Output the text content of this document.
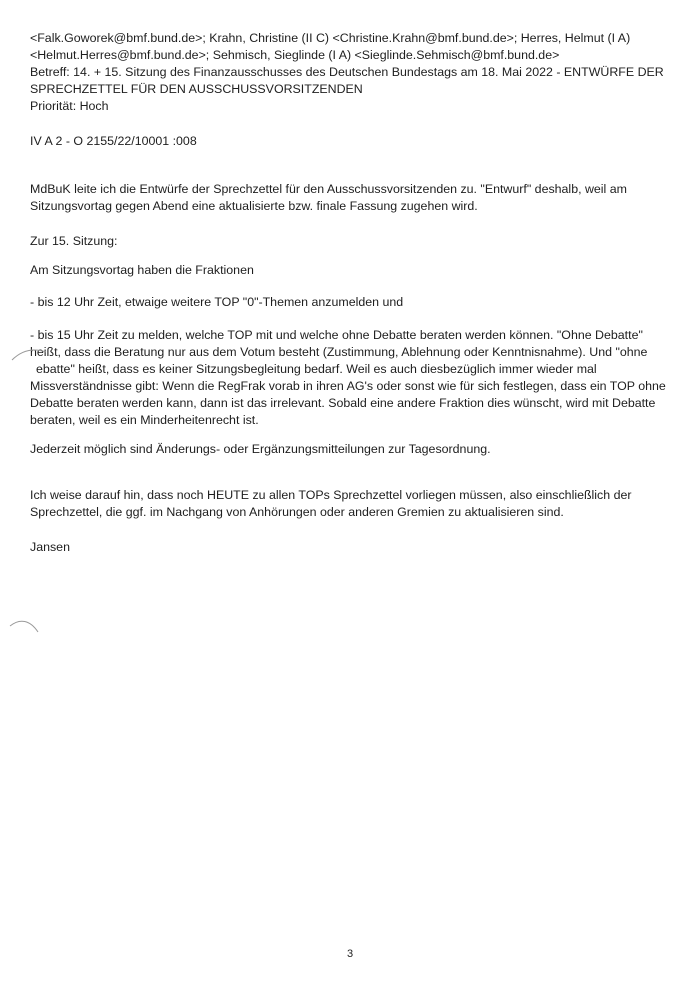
<Falk.Goworek@bmf.bund.de>; Krahn, Christine (II C) <Christine.Krahn@bmf.bund.de>; Herres, Helmut (I A)
<Helmut.Herres@bmf.bund.de>; Sehmisch, Sieglinde (I A) <Sieglinde.Sehmisch@bmf.bund.de>
Betreff: 14. + 15. Sitzung des Finanzausschusses des Deutschen Bundestags am 18. Mai 2022 - ENTWÜRFE DER
SPRECHZETTEL FÜR DEN AUSSCHUSSVORSITZENDEN
Priorität: Hoch
IV A 2 - O 2155/22/10001 :008
MdBuK leite ich die Entwürfe der Sprechzettel für den Ausschussvorsitzenden zu. "Entwurf" deshalb, weil am
Sitzungsvortag gegen Abend eine aktualisierte bzw. finale Fassung zugehen wird.
Zur 15. Sitzung:
Am Sitzungsvortag haben die Fraktionen
- bis 12 Uhr Zeit, etwaige weitere TOP "0"-Themen anzumelden und
- bis 15 Uhr Zeit zu melden, welche TOP mit und welche ohne Debatte beraten werden können. "Ohne Debatte"
heißt, dass die Beratung nur aus dem Votum besteht (Zustimmung, Ablehnung oder Kenntnisnahme). Und "ohne
ebatte" heißt, dass es keiner Sitzungsbegleitung bedarf. Weil es auch diesbezüglich immer wieder mal
Missverständnisse gibt: Wenn die RegFrak vorab in ihren AG's oder sonst wie für sich festlegen, dass ein TOP ohne
Debatte beraten werden kann, dann ist das irrelevant. Sobald eine andere Fraktion dies wünscht, wird mit Debatte
beraten, weil es ein Minderheitenrecht ist.
Jederzeit möglich sind Änderungs- oder Ergänzungsmitteilungen zur Tagesordnung.
Ich weise darauf hin, dass noch HEUTE zu allen TOPs Sprechzettel vorliegen müssen, also einschließlich der
Sprechzettel, die ggf. im Nachgang von Anhörungen oder anderen Gremien zu aktualisieren sind.
Jansen
3
